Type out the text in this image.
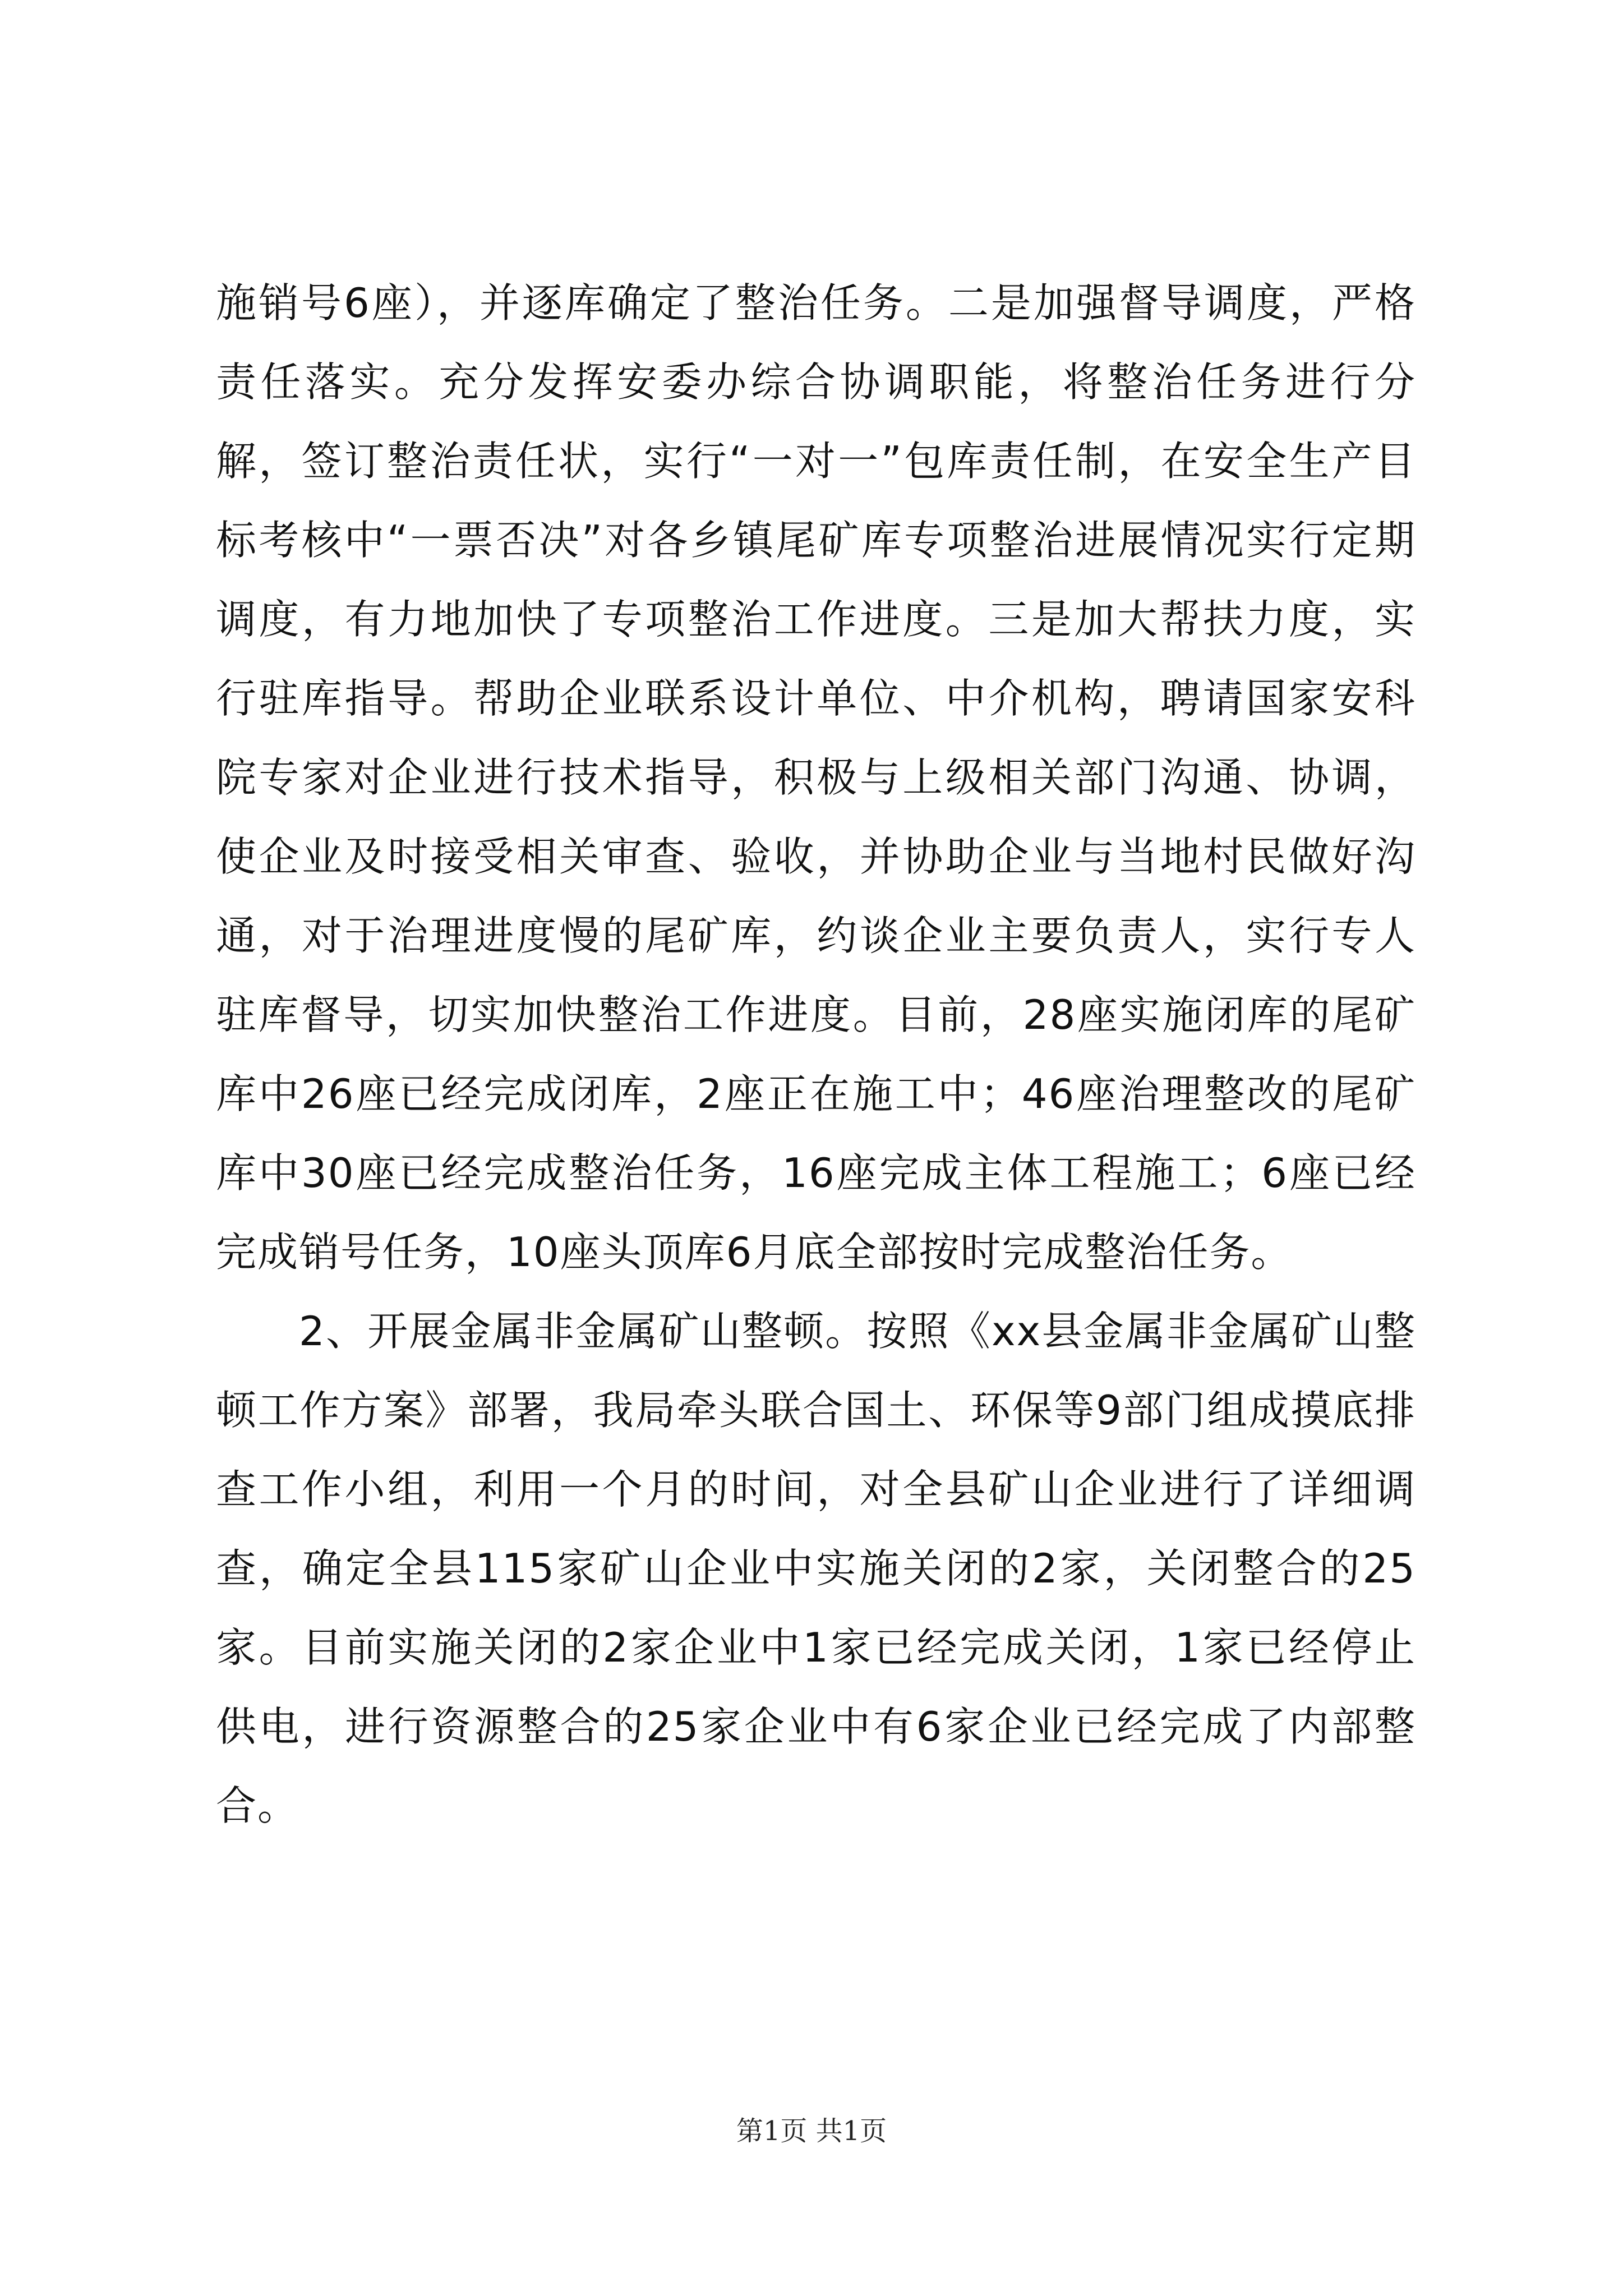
施销号6座），并逐库确定了整治任务。二是加强督导调度，严格责任落实。充分发挥安委办综合协调职能，将整治任务进行分解，签订整治责任状，实行“一对一”包库责任制，在安全生产目标考核中“一票否决”对各乡镇尾矿库专项整治进展情况实行定期调度，有力地加快了专项整治工作进度。三是加大帮扶力度，实行驻库指导。帮助企业联系设计单位、中介机构，聘请国家安科院专家对企业进行技术指导，积极与上级相关部门沟通、协调，使企业及时接受相关审查、验收，并协助企业与当地村民做好沟通，对于治理进度慢的尾矿库，约谈企业主要负责人，实行专人驻库督导，切实加快整治工作进度。目前，28座实施闭库的尾矿库中26座已经完成闭库，2座正在施工中；46座治理整改的尾矿库中30座已经完成整治任务，16座完成主体工程施工；6座已经完成销号任务，10座头顶库6月底全部按时完成整治任务。

2、开展金属非金属矿山整顿。按照《xx县金属非金属矿山整顿工作方案》部署，我局牵头联合国土、环保等9部门组成摸底排查工作小组，利用一个月的时间，对全县矿山企业进行了详细调查，确定全县115家矿山企业中实施关闭的2家，关闭整合的25家。目前实施关闭的2家企业中1家已经完成关闭，1家已经停止供电，进行资源整合的25家企业中有6家企业已经完成了内部整合。

第1页 共1页
